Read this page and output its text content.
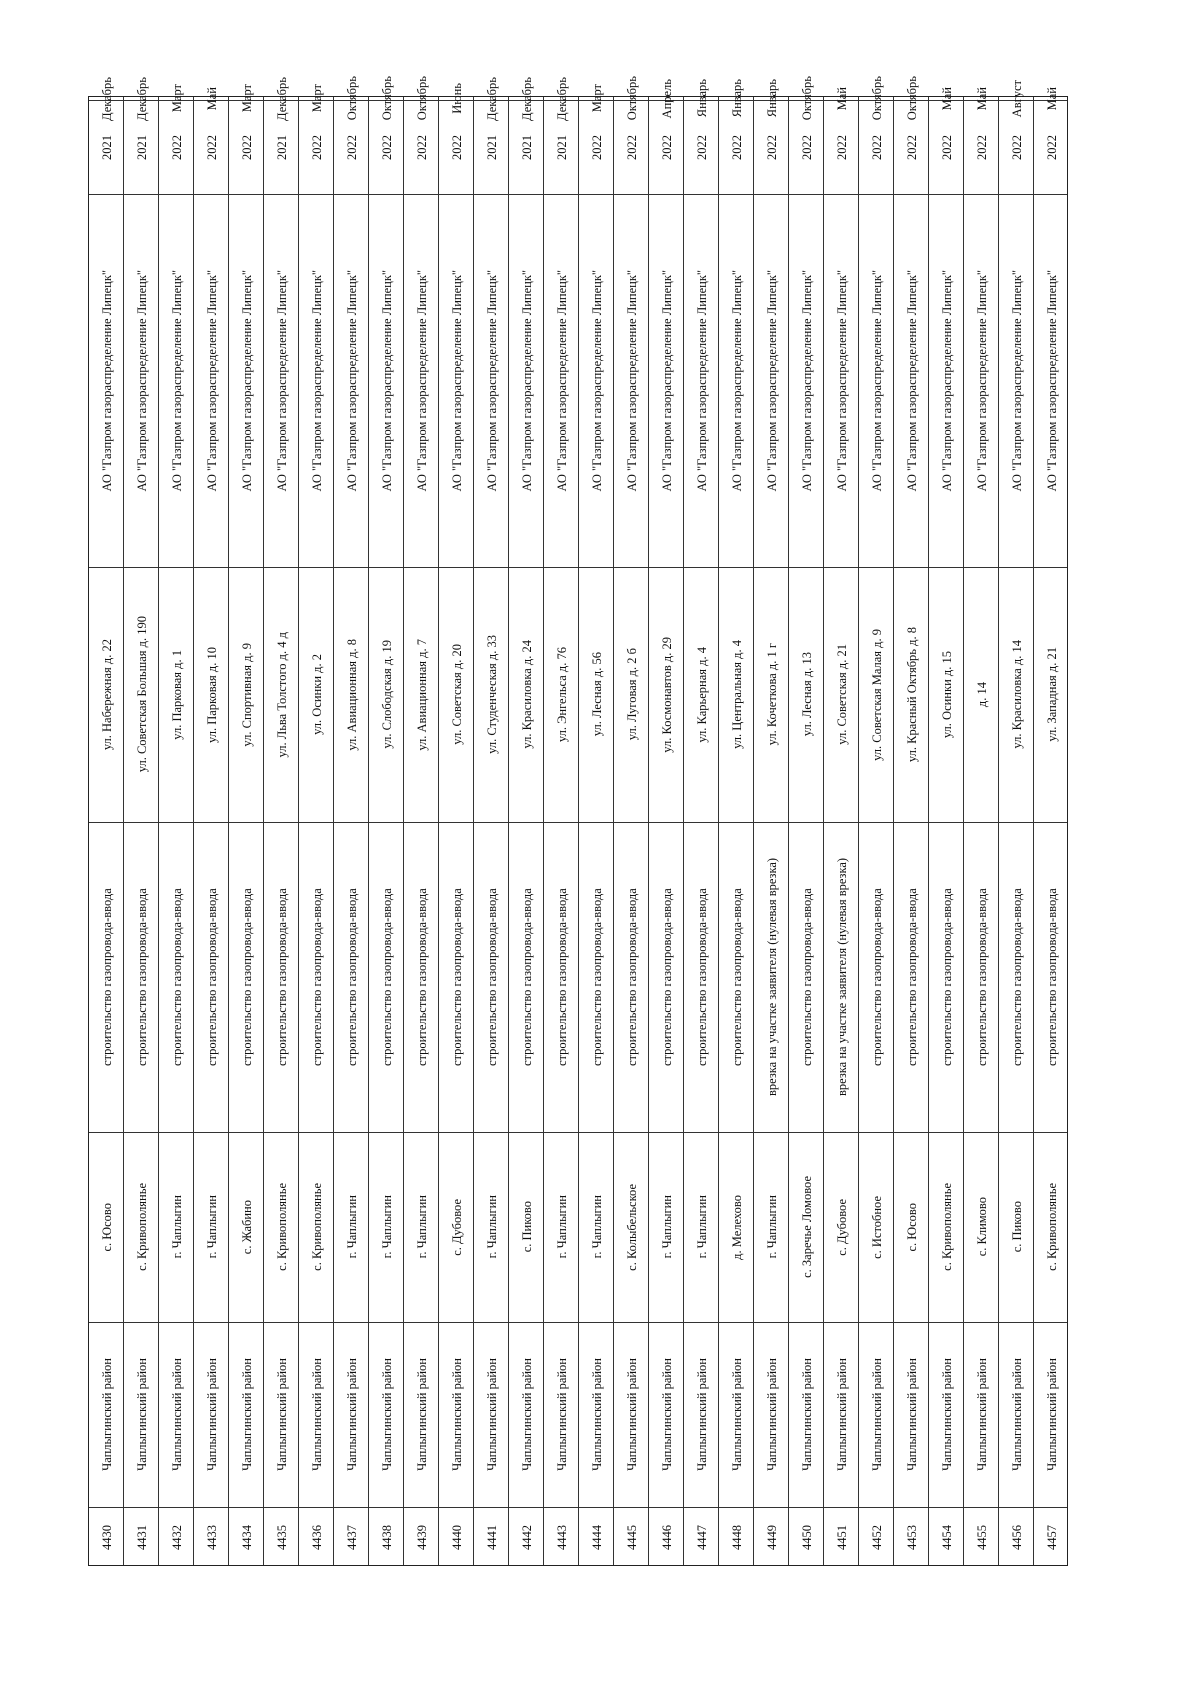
4430
Чаплыгинский район
с. Юсово
строительство газопровода-ввода
ул. Набережная д. 22
АО "Газпром газораспределение Липецк"
2021
Декабрь
4431
Чаплыгинский район
с. Кривополянье
строительство газопровода-ввода
ул. Советская Большая д. 190
АО "Газпром газораспределение Липецк"
2021
Декабрь
4432
Чаплыгинский район
г. Чаплыгин
строительство газопровода-ввода
ул. Парковая д. 1
АО "Газпром газораспределение Липецк"
2022
Март
4433
Чаплыгинский район
г. Чаплыгин
строительство газопровода-ввода
ул. Парковая д. 10
АО "Газпром газораспределение Липецк"
2022
Май
4434
Чаплыгинский район
с. Жабино
строительство газопровода-ввода
ул. Спортивная д. 9
АО "Газпром газораспределение Липецк"
2022
Март
4435
Чаплыгинский район
с. Кривополянье
строительство газопровода-ввода
ул. Льва Толстого д. 4 д
АО "Газпром газораспределение Липецк"
2021
Декабрь
4436
Чаплыгинский район
с. Кривополянье
строительство газопровода-ввода
ул. Осинки д. 2
АО "Газпром газораспределение Липецк"
2022
Март
4437
Чаплыгинский район
г. Чаплыгин
строительство газопровода-ввода
ул. Авиационная д. 8
АО "Газпром газораспределение Липецк"
2022
Октябрь
4438
Чаплыгинский район
г. Чаплыгин
строительство газопровода-ввода
ул. Слободская д. 19
АО "Газпром газораспределение Липецк"
2022
Октябрь
4439
Чаплыгинский район
г. Чаплыгин
строительство газопровода-ввода
ул. Авиационная д. 7
АО "Газпром газораспределение Липецк"
2022
Октябрь
4440
Чаплыгинский район
с. Дубовое
строительство газопровода-ввода
ул. Советская д. 20
АО "Газпром газораспределение Липецк"
2022
Июнь
4441
Чаплыгинский район
г. Чаплыгин
строительство газопровода-ввода
ул. Студенческая д. 33
АО "Газпром газораспределение Липецк"
2021
Декабрь
4442
Чаплыгинский район
с. Пиково
строительство газопровода-ввода
ул. Красиловка д. 24
АО "Газпром газораспределение Липецк"
2021
Декабрь
4443
Чаплыгинский район
г. Чаплыгин
строительство газопровода-ввода
ул. Энгельса д. 76
АО "Газпром газораспределение Липецк"
2021
Декабрь
4444
Чаплыгинский район
г. Чаплыгин
строительство газопровода-ввода
ул. Лесная д. 56
АО "Газпром газораспределение Липецк"
2022
Март
4445
Чаплыгинский район
с. Колыбельское
строительство газопровода-ввода
ул. Луговая д. 2 б
АО "Газпром газораспределение Липецк"
2022
Октябрь
4446
Чаплыгинский район
г. Чаплыгин
строительство газопровода-ввода
ул. Космонавтов д. 29
АО "Газпром газораспределение Липецк"
2022
Апрель
4447
Чаплыгинский район
г. Чаплыгин
строительство газопровода-ввода
ул. Карьерная д. 4
АО "Газпром газораспределение Липецк"
2022
Январь
4448
Чаплыгинский район
д. Мелехово
строительство газопровода-ввода
ул. Центральная д. 4
АО "Газпром газораспределение Липецк"
2022
Январь
4449
Чаплыгинский район
г. Чаплыгин
врезка на участке заявителя (нулевая врезка)
ул. Кочеткова д. 1 г
АО "Газпром газораспределение Липецк"
2022
Январь
4450
Чаплыгинский район
с. Заречье Ломовое
строительство газопровода-ввода
ул. Лесная д. 13
АО "Газпром газораспределение Липецк"
2022
Октябрь
4451
Чаплыгинский район
с. Дубовое
врезка на участке заявителя (нулевая врезка)
ул. Советская д. 21
АО "Газпром газораспределение Липецк"
2022
Май
4452
Чаплыгинский район
с. Истобное
строительство газопровода-ввода
ул. Советская Малая д. 9
АО "Газпром газораспределение Липецк"
2022
Октябрь
4453
Чаплыгинский район
с. Юсово
строительство газопровода-ввода
ул. Красный Октябрь д. 8
АО "Газпром газораспределение Липецк"
2022
Октябрь
4454
Чаплыгинский район
с. Кривополянье
строительство газопровода-ввода
ул. Осинки д. 15
АО "Газпром газораспределение Липецк"
2022
Май
4455
Чаплыгинский район
с. Климово
строительство газопровода-ввода
д. 14
АО "Газпром газораспределение Липецк"
2022
Май
4456
Чаплыгинский район
с. Пиково
строительство газопровода-ввода
ул. Красиловка д. 14
АО "Газпром газораспределение Липецк"
2022
Август
4457
Чаплыгинский район
с. Кривополянье
строительство газопровода-ввода
ул. Западная д. 21
АО "Газпром газораспределение Липецк"
2022
Май
